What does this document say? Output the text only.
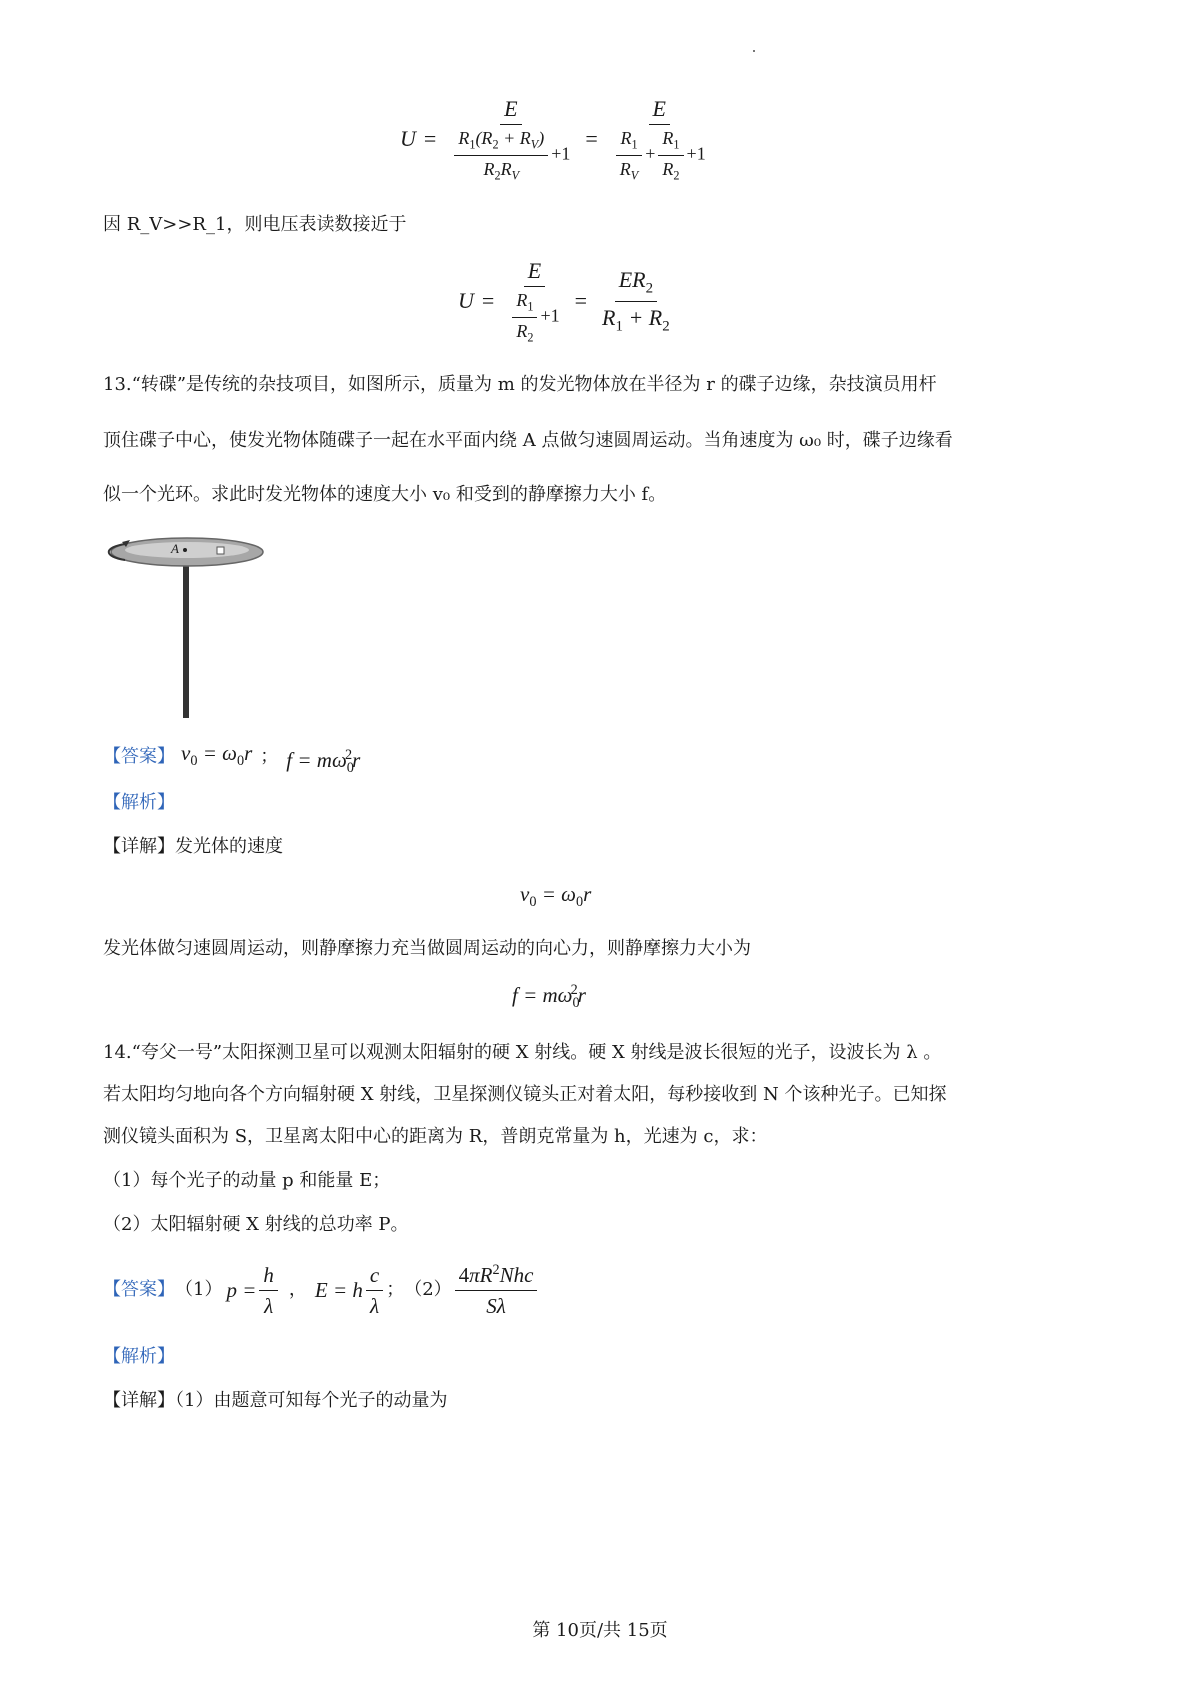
$U = \frac{E}{\frac{R_1(R_2 + R_V)}{R_2R_V} +1} = \frac{E}{\frac{R_1}{R_V} + \frac{R_1}{R_2} +1}$
因 R_V>>R_1，则电压表读数接近于
$U = \frac{E}{\frac{R_1}{R_2} +1} = \frac{ER_2}{R_1 + R_2}$
13.“转碟”是传统的杂技项目，如图所示，质量为 m 的发光物体放在半径为 r 的碟子边缘，杂技演员用杆
顶住碟子中心，使发光物体随碟子一起在水平面内绕 A 点做匀速圆周运动。当角速度为 ω₀ 时，碟子边缘看
似一个光环。求此时发光物体的速度大小 v₀ 和受到的静摩擦力大小 f。
A
【答案】 $v_0 = \omega_0r$ ； $f = m\omega_0^2r$
【解析】
【详解】发光体的速度
$v_0 = \omega_0r$
发光体做匀速圆周运动，则静摩擦力充当做圆周运动的向心力，则静摩擦力大小为
$f = m\omega_0^2r$
14.“夸父一号”太阳探测卫星可以观测太阳辐射的硬 X 射线。硬 X 射线是波长很短的光子，设波长为 λ 。
若太阳均匀地向各个方向辐射硬 X 射线，卫星探测仪镜头正对着太阳，每秒接收到 N 个该种光子。已知探
测仪镜头面积为 S，卫星离太阳中心的距离为 R，普朗克常量为 h，光速为 c，求：
（1）每个光子的动量 p 和能量 E；
（2）太阳辐射硬 X 射线的总功率 P。
【答案】 （1） $p = \frac{h}{\lambda}$ ， E = h $\frac{c}{\lambda}$ ； $(2) \frac{4\pi R^2Nhc}{S\lambda}$
【解析】
【详解】（1）由题意可知每个光子的动量为
第 10页/共 15页
